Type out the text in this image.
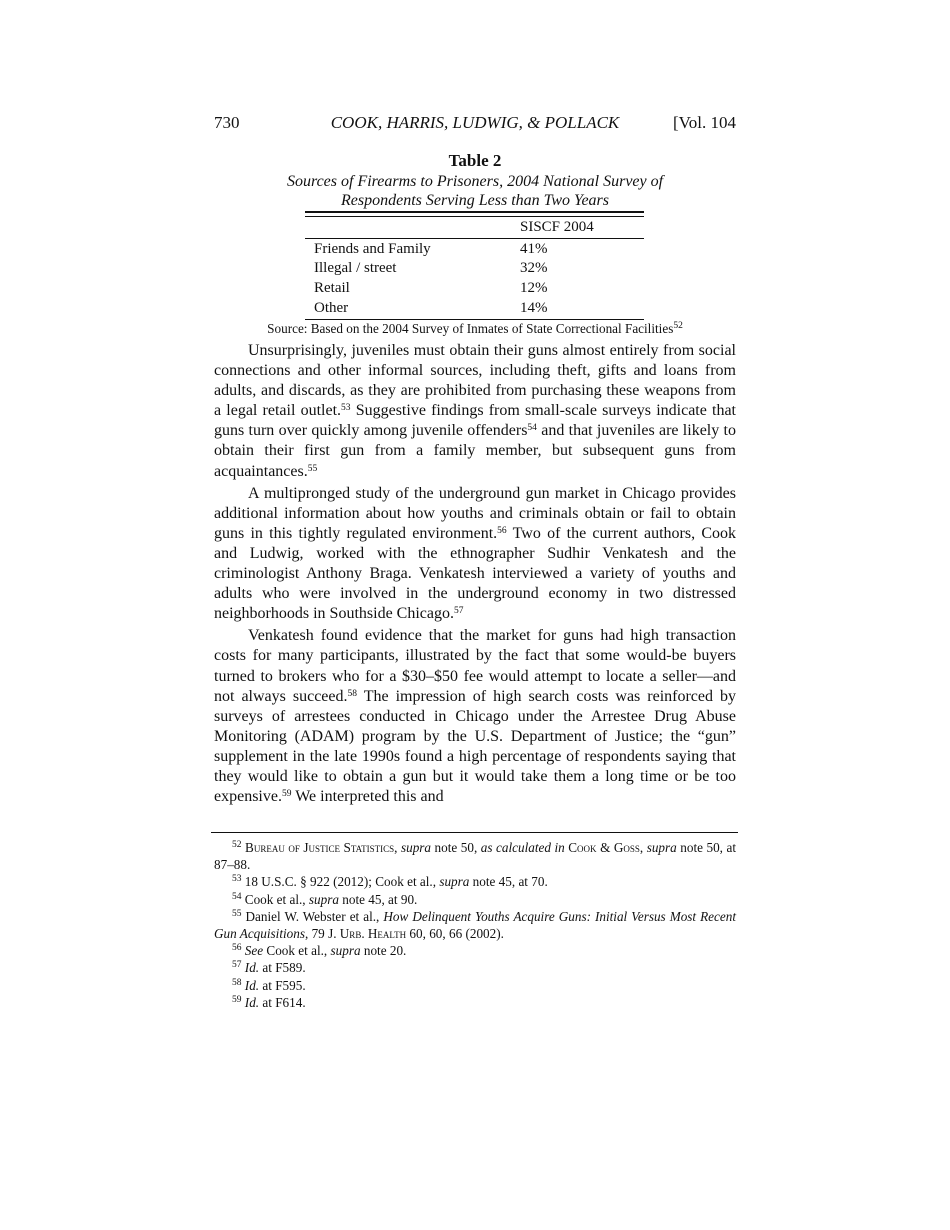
730	COOK, HARRIS, LUDWIG, & POLLACK	[Vol. 104
Table 2
Sources of Firearms to Prisoners, 2004 National Survey of
Respondents Serving Less than Two Years
SISCF 2004
Friends and Family	41%
Illegal / street	32%
Retail	12%
Other	14%
Source: Based on the 2004 Survey of Inmates of State Correctional Facilities$^{52}$

Unsurprisingly, juveniles must obtain their guns almost entirely from social connections and other informal sources, including theft, gifts and loans from adults, and discards, as they are prohibited from purchasing these weapons from a legal retail outlet.$^{53}$ Suggestive findings from small-scale surveys indicate that guns turn over quickly among juvenile offenders$^{54}$ and that juveniles are likely to obtain their first gun from a family member, but subsequent guns from acquaintances.$^{55}$

A multipronged study of the underground gun market in Chicago provides additional information about how youths and criminals obtain or fail to obtain guns in this tightly regulated environment.$^{56}$ Two of the current authors, Cook and Ludwig, worked with the ethnographer Sudhir Venkatesh and the criminologist Anthony Braga. Venkatesh interviewed a variety of youths and adults who were involved in the underground economy in two distressed neighborhoods in Southside Chicago.$^{57}$

Venkatesh found evidence that the market for guns had high transaction costs for many participants, illustrated by the fact that some would-be buyers turned to brokers who for a $30–$50 fee would attempt to locate a seller—and not always succeed.$^{58}$ The impression of high search costs was reinforced by surveys of arrestees conducted in Chicago under the Arrestee Drug Abuse Monitoring (ADAM) program by the U.S. Department of Justice; the “gun” supplement in the late 1990s found a high percentage of respondents saying that they would like to obtain a gun but it would take them a long time or be too expensive.$^{59}$ We interpreted this and

$^{52}$ Bureau of Justice Statistics, supra note 50, as calculated in Cook & Goss, supra note 50, at 87–88.

$^{53}$ 18 U.S.C. § 922 (2012); Cook et al., supra note 45, at 70.

$^{54}$ Cook et al., supra note 45, at 90.

$^{55}$ Daniel W. Webster et al., How Delinquent Youths Acquire Guns: Initial Versus Most Recent Gun Acquisitions, 79 J. Urb. Health 60, 60, 66 (2002).

$^{56}$ See Cook et al., supra note 20.

$^{57}$ Id. at F589.

$^{58}$ Id. at F595.

$^{59}$ Id. at F614.
